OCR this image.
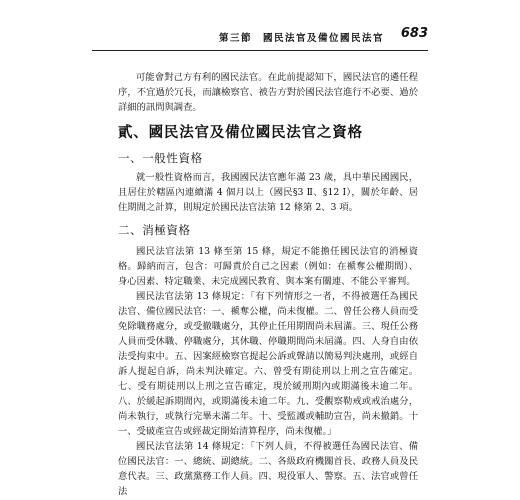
第三節　國民法官及備位國民法官 683

可能會對己方有利的國民法官。在此前提認知下，國民法官的遴任程序，不宜過於冗長，而讓檢察官、被告方對於國民法官進行不必要、過於詳細的訊問與調查。

貳、國民法官及備位國民法官之資格
一、一般性資格

就一般性資格而言，我國國民法官應年滿 23 歲，具中華民國國民，且居住於轄區內連續滿 4 個月以上（國民§3 Ⅱ、§12 Ⅰ），關於年齡、居住期間之計算，則規定於國民法官法第 12 條第 2、3 項。

二、消極資格

國民法官法第 13 條至第 15 條，規定不能擔任國民法官的消極資格。歸納而言，包含：可歸責於自己之因素（例如：在褫奪公權期間）、身心因素、特定職業、未完成國民教育、與本案有關連、不能公平審判。

國民法官法第 13 條規定：「有下列情形之一者，不得被選任為國民法官、備位國民法官：一、褫奪公權，尚未復權。二、曾任公務人員而受免除職務處分，或受撤職處分，其停止任用期間尚未屆滿。三、現任公務人員而受休職、停職處分，其休職、停職期間尚未屆滿。四、人身自由依法受拘束中。五、因案經檢察官提起公訴或聲請以簡易判決處刑，或經自訴人提起自訴，尚未判決確定。六、曾受有期徒刑以上刑之宣告確定。七、受有期徒刑以上刑之宣告確定，現於緩刑期內或期滿後未逾二年。八、於緩起訴期間內，或期滿後未逾二年。九、受觀察勒戒或戒治處分，尚未執行，或執行完畢未滿二年。十、受監護或輔助宣告，尚未撤銷。十一、受破產宣告或經裁定開始清算程序，尚未復權。」

國民法官法第 14 條規定：「下列人員，不得被選任為國民法官、備位國民法官：一、總統、副總統。二、各級政府機關首長、政務人員及民意代表。三、政黨黨務工作人員。四、現役軍人、警察。五、法官或曾任法
